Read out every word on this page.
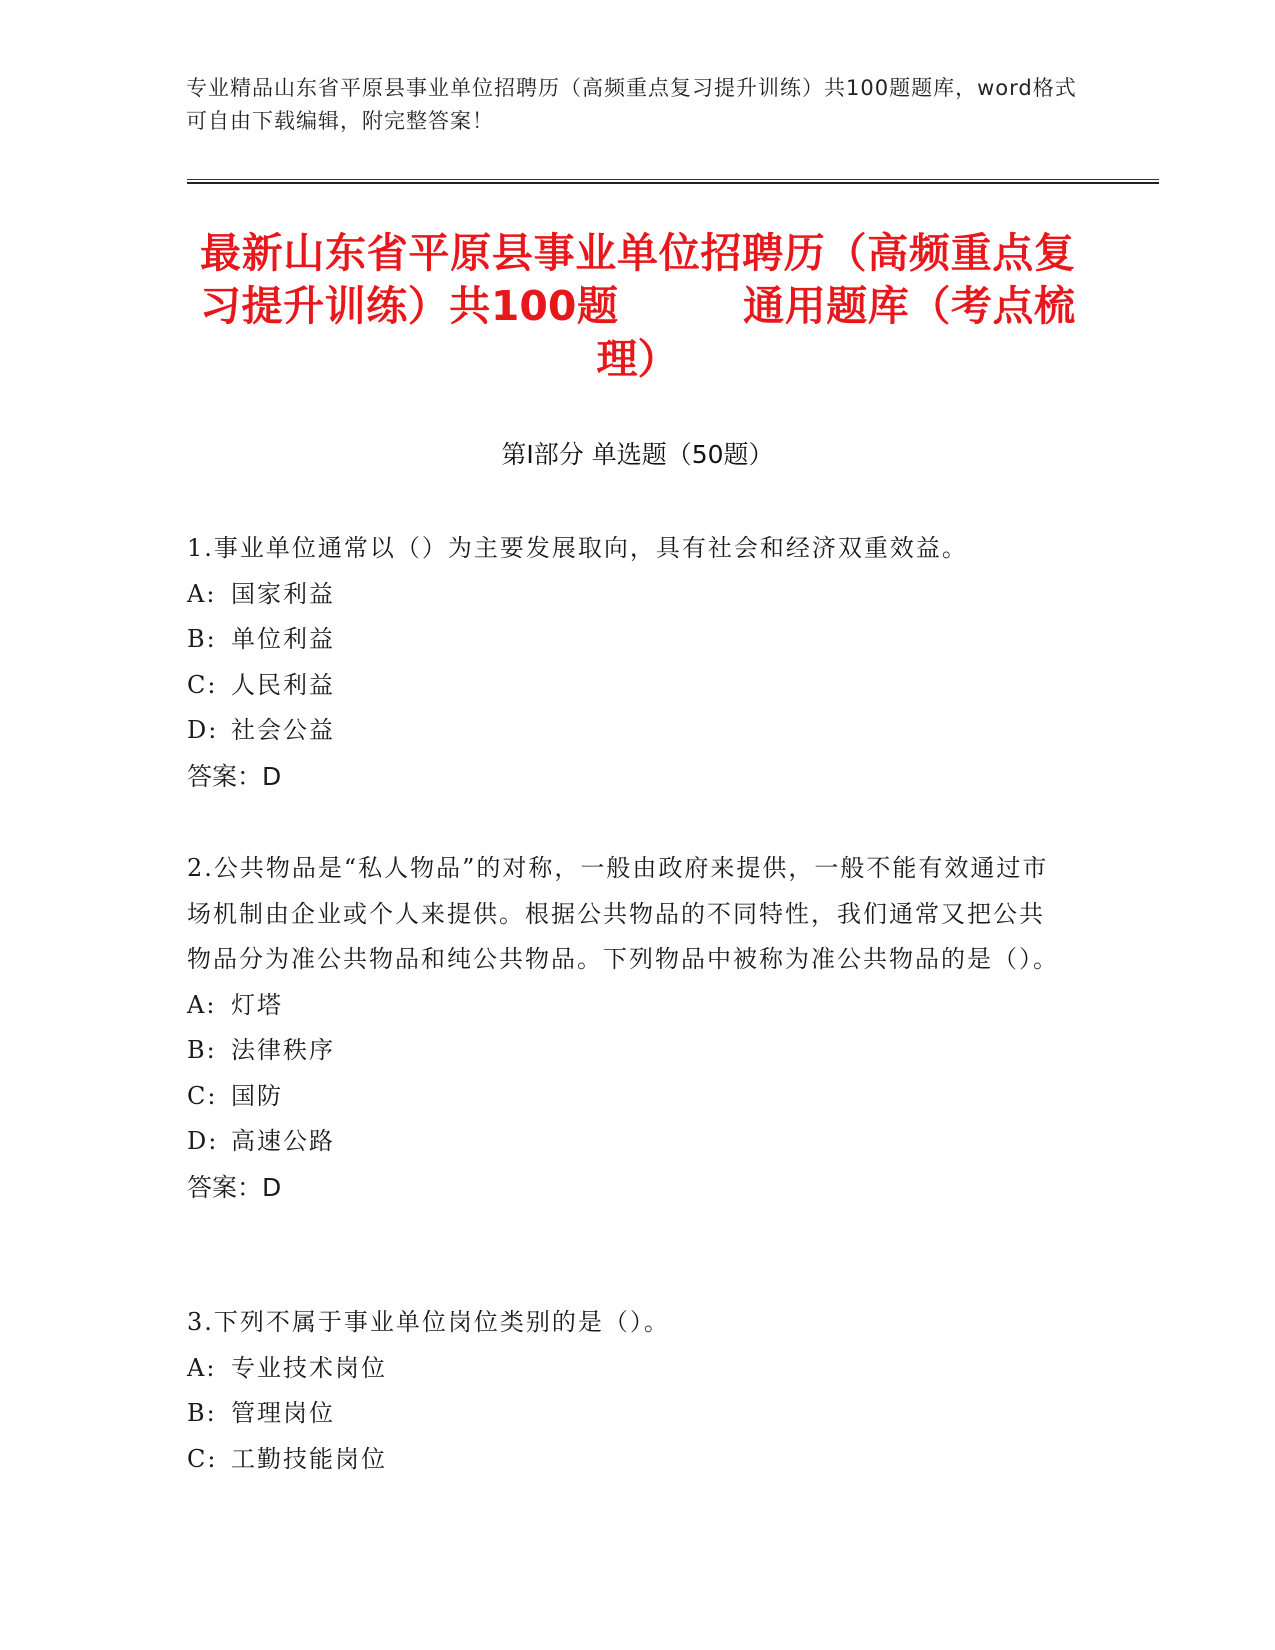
专业精品山东省平原县事业单位招聘历（高频重点复习提升训练）共100题题库，word格式可自由下载编辑，附完整答案！
最新山东省平原县事业单位招聘历（高频重点复习提升训练）共100题　　　通用题库（考点梳理）
第I部分 单选题（50题）
1.事业单位通常以（）为主要发展取向，具有社会和经济双重效益。
A: 国家利益
B: 单位利益
C: 人民利益
D: 社会公益
答案：D
2.公共物品是“私人物品”的对称，一般由政府来提供，一般不能有效通过市场机制由企业或个人来提供。根据公共物品的不同特性，我们通常又把公共物品分为准公共物品和纯公共物品。下列物品中被称为准公共物品的是（）。
A: 灯塔
B: 法律秩序
C: 国防
D: 高速公路
答案：D
3.下列不属于事业单位岗位类别的是（）。
A: 专业技术岗位
B: 管理岗位
C: 工勤技能岗位
